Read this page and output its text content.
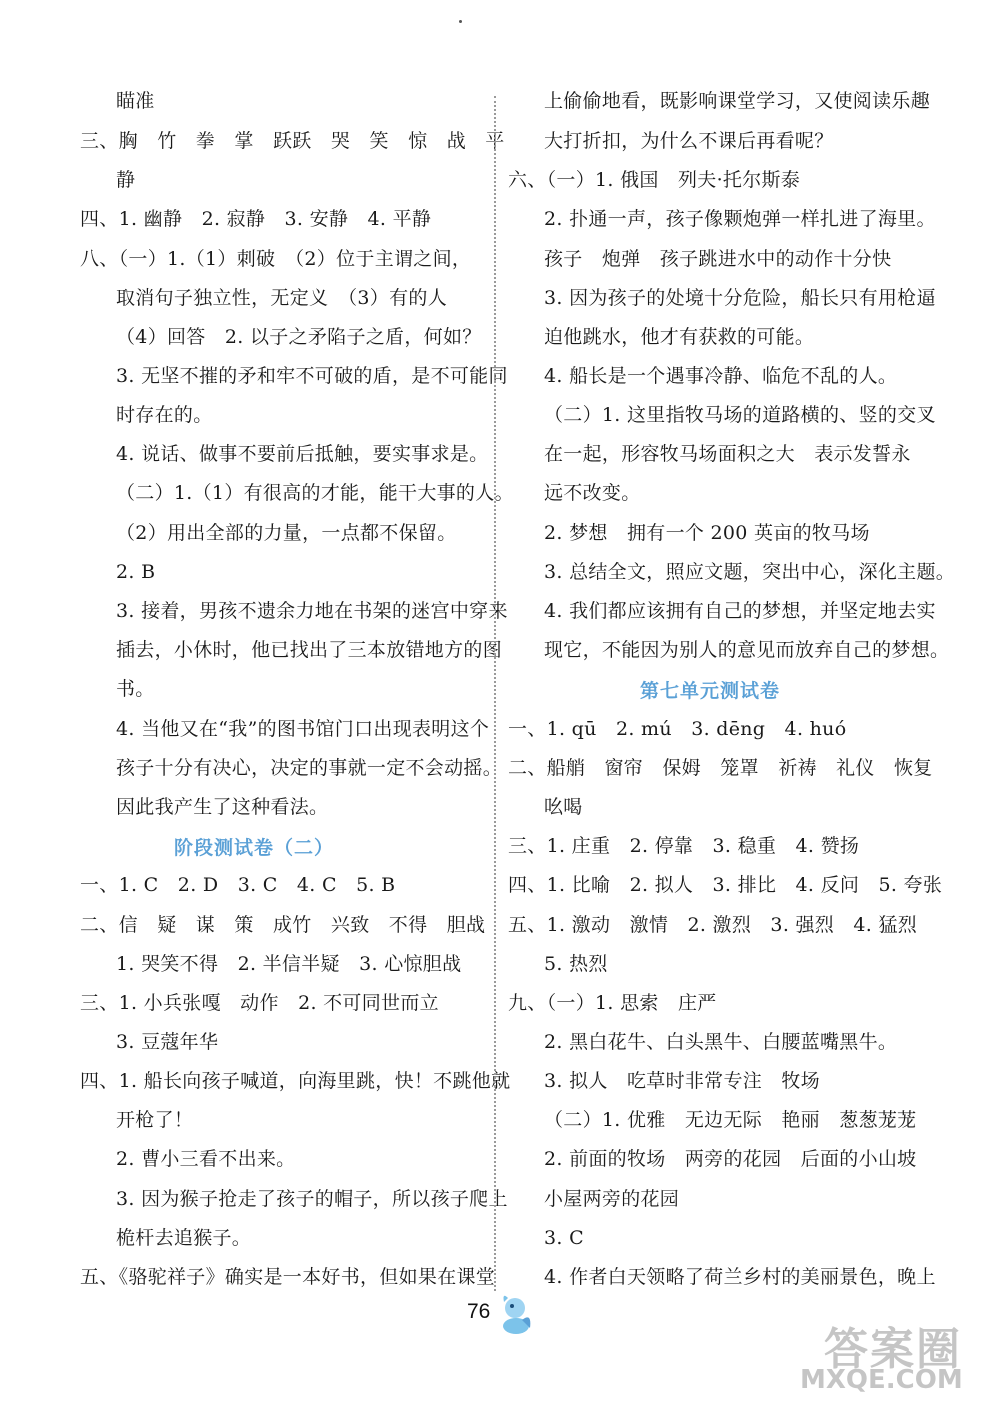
瞄准
三、胸　竹　拳　掌　跃跃　哭　笑　惊　战　平
静
四、1. 幽静　2. 寂静　3. 安静　4. 平静
八、（一）1.（1）刺破　（2）位于主谓之间，
取消句子独立性，无定义　（3）有的人
（4）回答　2. 以子之矛陷子之盾，何如？
3. 无坚不摧的矛和牢不可破的盾，是不可能同
时存在的。
4. 说话、做事不要前后抵触，要实事求是。
（二）1.（1）有很高的才能，能干大事的人。
（2）用出全部的力量，一点都不保留。
2. B
3. 接着，男孩不遗余力地在书架的迷宫中穿来
插去，小休时，他已找出了三本放错地方的图
书。
4. 当他又在“我”的图书馆门口出现表明这个
孩子十分有决心，决定的事就一定不会动摇。
因此我产生了这种看法。
阶段测试卷（二）
一、1. C　2. D　3. C　4. C　5. B
二、信　疑　谋　策　成竹　兴致　不得　胆战
1. 哭笑不得　2. 半信半疑　3. 心惊胆战
三、1. 小兵张嘎　动作　2. 不可同世而立
3. 豆蔻年华
四、1. 船长向孩子喊道，向海里跳，快！不跳他就
开枪了！
2. 曹小三看不出来。
3. 因为猴子抢走了孩子的帽子，所以孩子爬上
桅杆去追猴子。
五、《骆驼祥子》确实是一本好书，但如果在课堂
上偷偷地看，既影响课堂学习，又使阅读乐趣
大打折扣，为什么不课后再看呢？
六、（一）1. 俄国　列夫·托尔斯泰
2. 扑通一声，孩子像颗炮弹一样扎进了海里。
孩子　炮弹　孩子跳进水中的动作十分快
3. 因为孩子的处境十分危险，船长只有用枪逼
迫他跳水，他才有获救的可能。
4. 船长是一个遇事冷静、临危不乱的人。
（二）1. 这里指牧马场的道路横的、竖的交叉
在一起，形容牧马场面积之大　表示发誓永
远不改变。
2. 梦想　拥有一个 200 英亩的牧马场
3. 总结全文，照应文题，突出中心，深化主题。
4. 我们都应该拥有自己的梦想，并坚定地去实
现它，不能因为别人的意见而放弃自己的梦想。
第七单元测试卷
一、1. qū　2. mú　3. dēng　4. huó
二、船艄　窗帘　保姆　笼罩　祈祷　礼仪　恢复
吆喝
三、1. 庄重　2. 停靠　3. 稳重　4. 赞扬
四、1. 比喻　2. 拟人　3. 排比　4. 反问　5. 夸张
五、1. 激动　激情　2. 激烈　3. 强烈　4. 猛烈
5. 热烈
九、（一）1. 思索　庄严
2. 黑白花牛、白头黑牛、白腰蓝嘴黑牛。
3. 拟人　吃草时非常专注　牧场
（二）1. 优雅　无边无际　艳丽　葱葱茏茏
2. 前面的牧场　两旁的花园　后面的小山坡
小屋两旁的花园
3. C
4. 作者白天领略了荷兰乡村的美丽景色，晚上
76
答案圈
MXQE.COM
